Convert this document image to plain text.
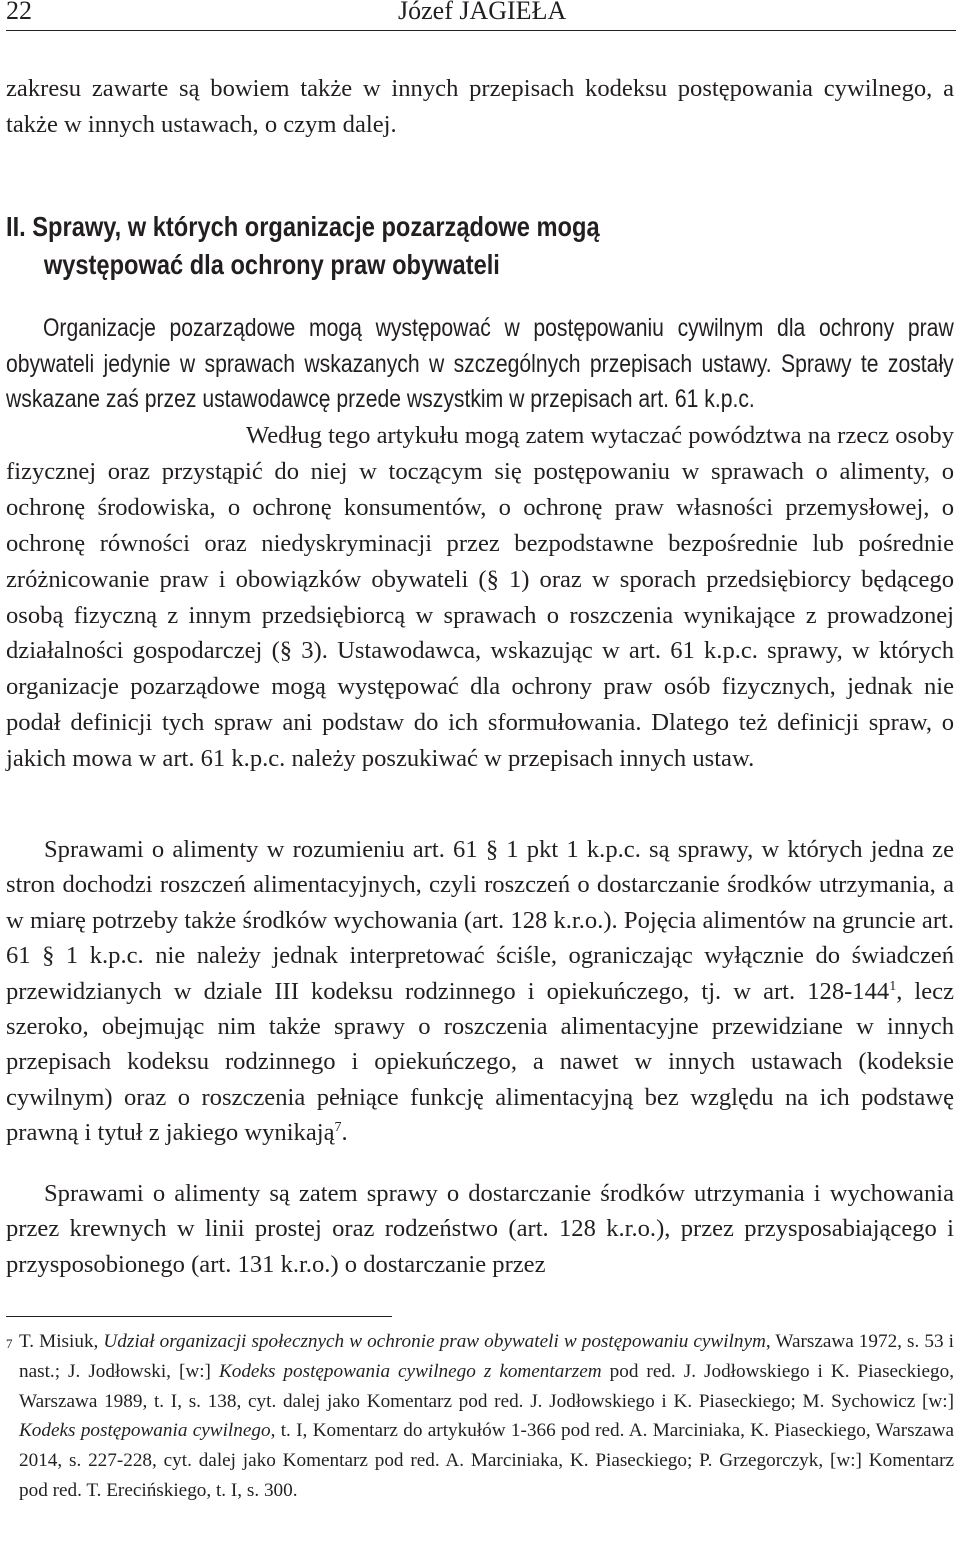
22	Józef JAGIEŁA

zakresu zawarte są bowiem także w innych przepisach kodeksu postępowania cywilnego, a także w innych ustawach, o czym dalej.

II. Sprawy, w których organizacje pozarządowe mogą
występować dla ochrony praw obywateli

Organizacje pozarządowe mogą występować w postępowaniu cywilnym dla ochrony praw obywateli jedynie w sprawach wskazanych w szczególnych przepisach ustawy. Sprawy te zostały wskazane zaś przez ustawodawcę przede wszystkim w przepisach art. 61 k.p.c.

Według tego artykułu mogą zatem wytaczać powództwa na rzecz osoby fizycznej oraz przystąpić do niej w toczącym się postępowaniu w sprawach o alimenty, o ochronę środowiska, o ochronę konsumentów, o ochronę praw własności przemysłowej, o ochronę równości oraz niedyskryminacji przez bezpodstawne bezpośrednie lub pośrednie zróżnicowanie praw i obowiązków obywateli (§ 1) oraz w sporach przedsiębiorcy będącego osobą fizyczną z innym przedsiębiorcą w sprawach o roszczenia wynikające z prowadzonej działalności gospodarczej (§ 3). Ustawodawca, wskazując w art. 61 k.p.c. sprawy, w których organizacje pozarządowe mogą występować dla ochrony praw osób fizycznych, jednak nie podał definicji tych spraw ani podstaw do ich sformułowania. Dlatego też definicji spraw, o jakich mowa w art. 61 k.p.c. należy poszukiwać w przepisach innych ustaw.

Sprawami o alimenty w rozumieniu art. 61 § 1 pkt 1 k.p.c. są sprawy, w których jedna ze stron dochodzi roszczeń alimentacyjnych, czyli roszczeń o dostarczanie środków utrzymania, a w miarę potrzeby także środków wychowania (art. 128 k.r.o.). Pojęcia alimentów na gruncie art. 61 § 1 k.p.c. nie należy jednak interpretować ściśle, ograniczając wyłącznie do świadczeń przewidzianych w dziale III kodeksu rodzinnego i opiekuńczego, tj. w art. $128-144^1$, lecz szeroko, obejmując nim także sprawy o roszczenia alimentacyjne przewidziane w innych przepisach kodeksu rodzinnego i opiekuńczego, a nawet w innych ustawach (kodeksie cywilnym) oraz o roszczenia pełniące funkcję alimentacyjną bez względu na ich podstawę prawną i tytuł z jakiego wynikają$^7$.

Sprawami o alimenty są zatem sprawy o dostarczanie środków utrzymania i wychowania przez krewnych w linii prostej oraz rodzeństwo (art. 128 k.r.o.), przez przysposabiającego i przysposobionego (art. 131 k.r.o.) o dostarczanie przez

7 T. Misiuk, Udział organizacji społecznych w ochronie praw obywateli w postępowaniu cywilnym, Warszawa 1972, s. 53 i nast.; J. Jodłowski, [w:] Kodeks postępowania cywilnego z komentarzem pod red. J. Jodłowskiego i K. Piaseckiego, Warszawa 1989, t. I, s. 138, cyt. dalej jako Komentarz pod red. J. Jodłowskiego i K. Piaseckiego; M. Sychowicz [w:] Kodeks postępowania cywilnego, t. I, Komentarz do artykułów 1-366 pod red. A. Marciniaka, K. Piaseckiego, Warszawa 2014, s. 227-228, cyt. dalej jako Komentarz pod red. A. Marciniaka, K. Piaseckiego; P. Grzegorczyk, [w:] Komentarz pod red. T. Erecińskiego, t. I, s. 300.
